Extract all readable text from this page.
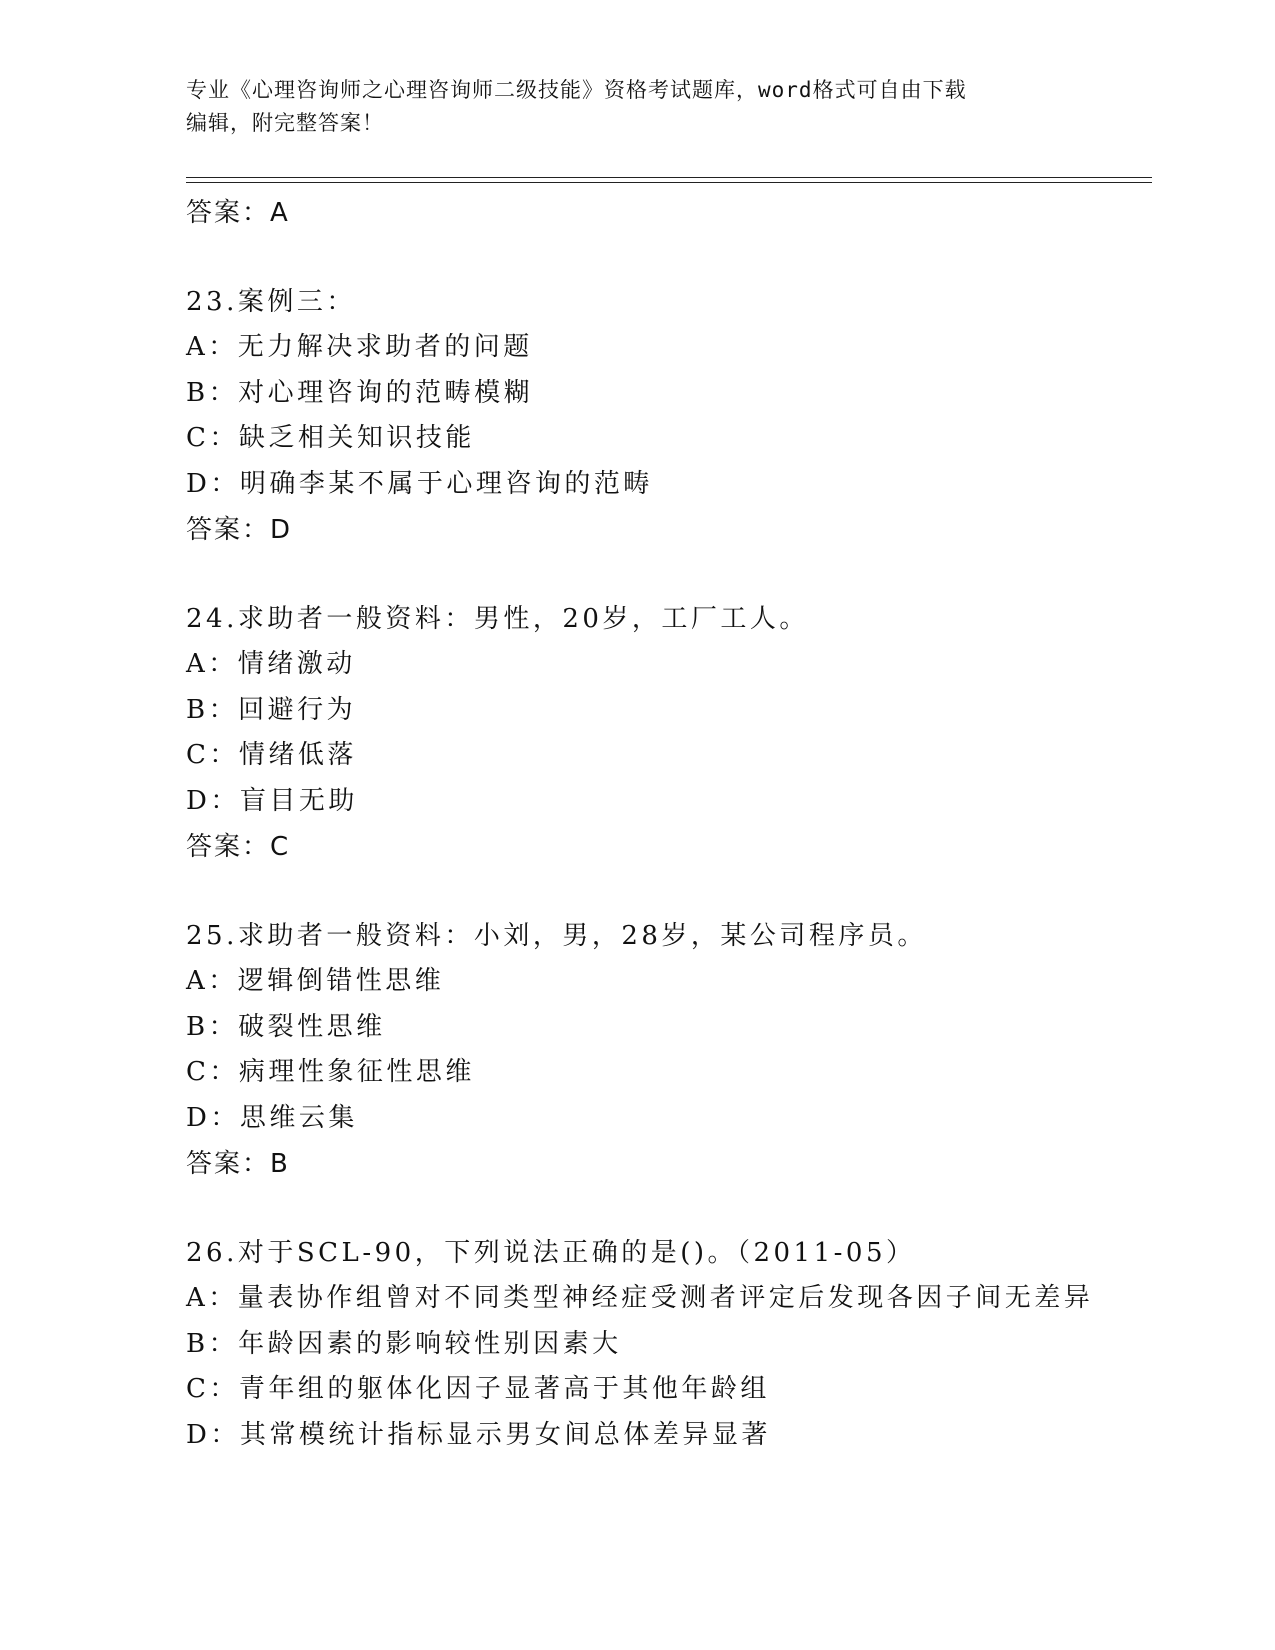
专业《心理咨询师之心理咨询师二级技能》资格考试题库，word格式可自由下载
编辑，附完整答案！
答案：A
23.案例三：
A：无力解决求助者的问题
B：对心理咨询的范畴模糊
C：缺乏相关知识技能
D：明确李某不属于心理咨询的范畴
答案：D
24.求助者一般资料：男性，20岁，工厂工人。
A：情绪激动
B：回避行为
C：情绪低落
D：盲目无助
答案：C
25.求助者一般资料：小刘，男，28岁，某公司程序员。
A：逻辑倒错性思维
B：破裂性思维
C：病理性象征性思维
D：思维云集
答案：B
26.对于SCL-90，下列说法正确的是()。（2011-05）
A：量表协作组曾对不同类型神经症受测者评定后发现各因子间无差异
B：年龄因素的影响较性别因素大
C：青年组的躯体化因子显著高于其他年龄组
D：其常模统计指标显示男女间总体差异显著
